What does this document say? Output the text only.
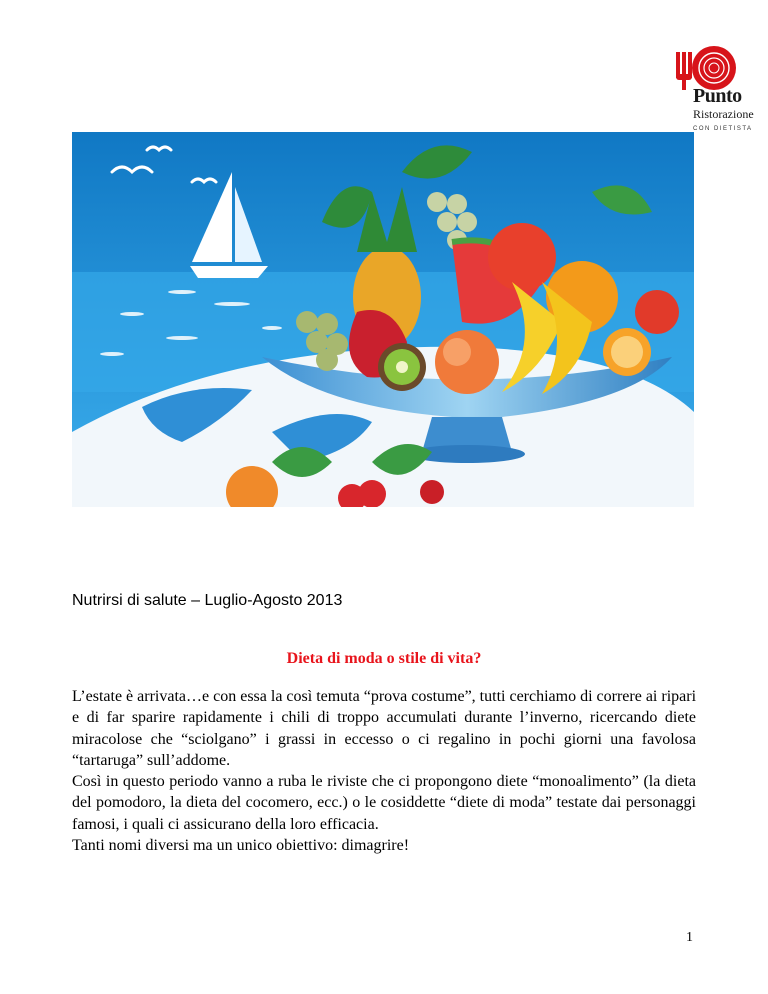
Punto
Ristorazione
CON DIETISTA
Nutrirsi di salute – Luglio-Agosto 2013
Dieta di moda o stile di vita?

L’estate è arrivata…e con essa la così temuta “prova costume”, tutti cerchiamo di correre ai ripari e di far sparire rapidamente i chili di troppo accumulati durante l’inverno, ricercando diete miracolose che “sciolgano” i grassi in eccesso o ci regalino in pochi giorni una favolosa “tartaruga” sull’addome.

Così in questo periodo vanno a ruba le riviste che ci propongono diete “monoalimento” (la dieta del pomodoro, la dieta del cocomero, ecc.) o le cosiddette “diete di moda” testate dai personaggi famosi, i quali ci assicurano della loro efficacia.

Tanti nomi diversi ma un unico obiettivo: dimagrire!

1
